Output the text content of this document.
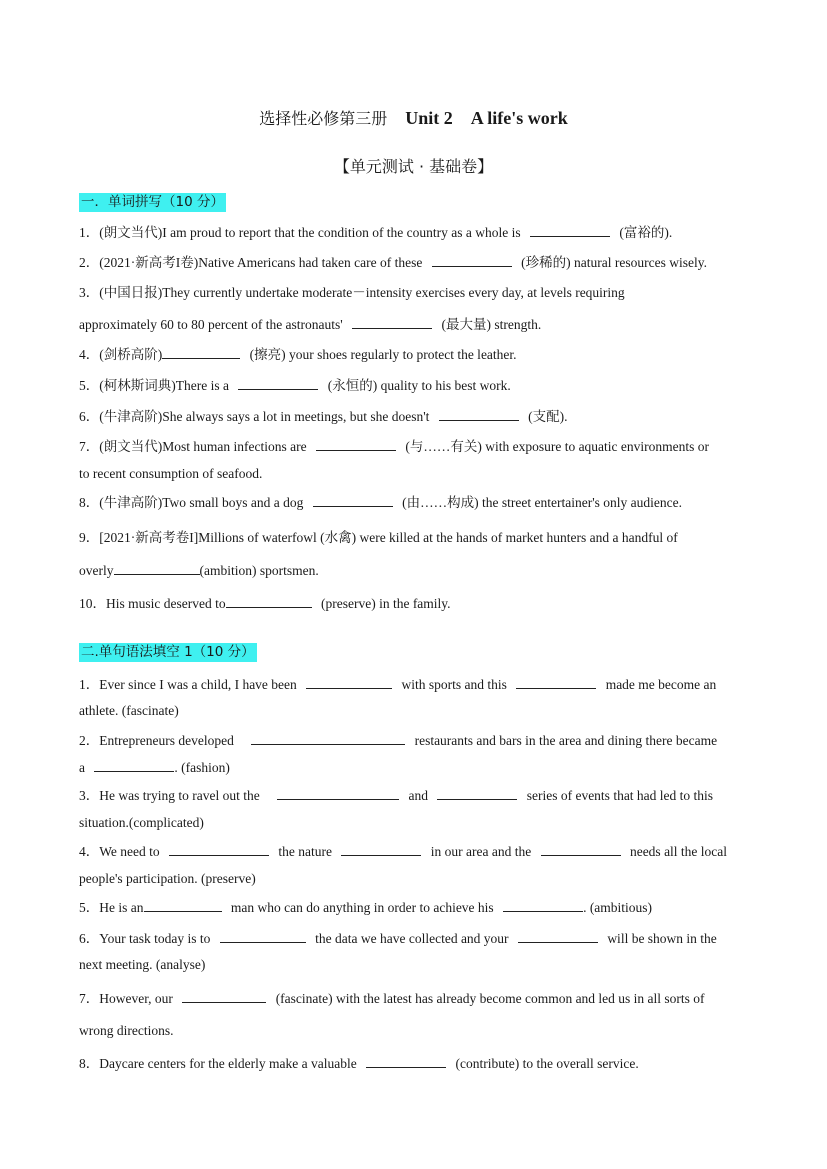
选择性必修第三册 Unit 2 A life's work
【单元测试 · 基础卷】
一．单词拼写（10 分）
1．(朗文当代)I am proud to report that the condition of the country as a whole is	(富裕的).
2．(2021·新高考I卷)Native Americans had taken care of these	(珍稀的) natural resources wisely.
3．(中国日报)They currently undertake moderate－intensity exercises every day, at levels requiring
approximately 60 to 80 percent of the astronauts'	(最大量) strength.
4．(剑桥高阶)	(擦亮) your shoes regularly to protect the leather.
5．(柯林斯词典)There is a	(永恒的) quality to his best work.
6．(牛津高阶)She always says a lot in meetings, but she doesn't	(支配).
7．(朗文当代)Most human infections are	(与……有关) with exposure to aquatic environments or
to recent consumption of seafood.
8．(牛津高阶)Two small boys and a dog	(由……构成) the street entertainer's only audience.
9．[2021·新高考卷I]Millions of waterfowl (水禽) were killed at the hands of market hunters and a handful of
overly	(ambition) sportsmen.
10．His music deserved to	(preserve) in the family.
二.单句语法填空 1（10 分）
1．Ever since I was a child, I have been	with sports and this	made me become an
athlete. (fascinate)
2．Entrepreneurs developed	restaurants and bars in the area and dining there became
a	. (fashion)
3．He was trying to ravel out the	and	series of events that had led to this
situation.(complicated)
4．We need to	the nature	in our area and the	needs all the local
people's participation. (preserve)
5．He is an	man who can do anything in order to achieve his	. (ambitious)
6．Your task today is to	the data we have collected and your	will be shown in the
next meeting. (analyse)
7．However, our	(fascinate) with the latest has already become common and led us in all sorts of
wrong directions.
8．Daycare centers for the elderly make a valuable	(contribute) to the overall service.
